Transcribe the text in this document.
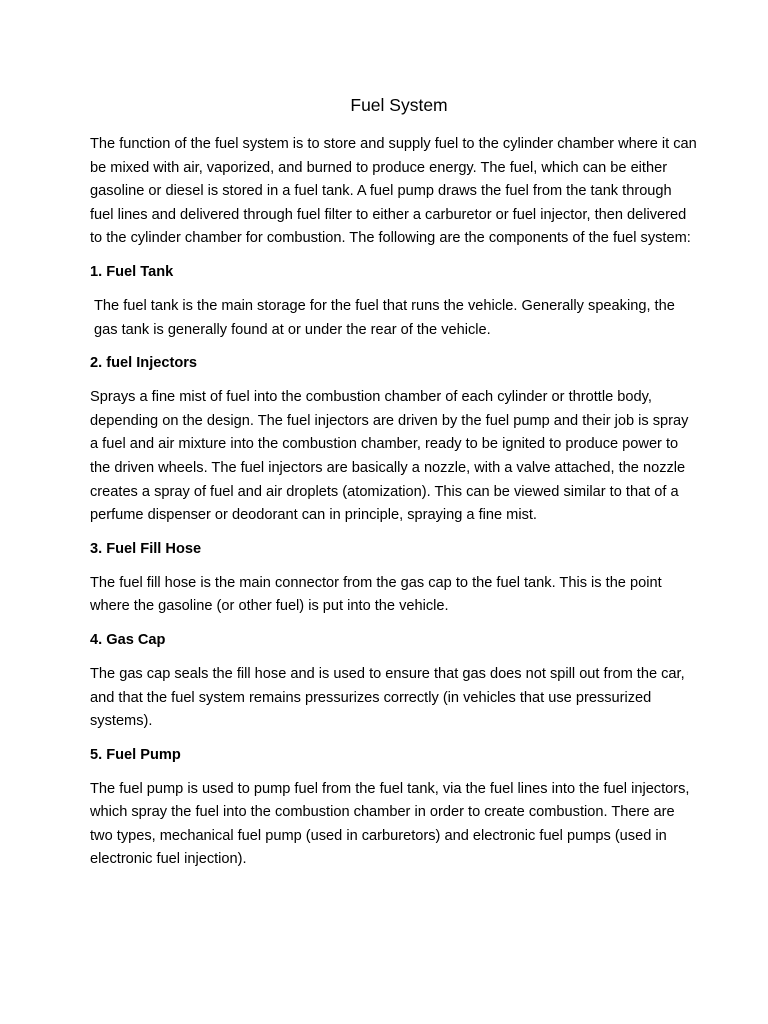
Fuel System

The function of the fuel system is to store and supply fuel to the cylinder chamber where it can be mixed with air, vaporized, and burned to produce energy. The fuel, which can be either gasoline or diesel is stored in a fuel tank. A fuel pump draws the fuel from the tank through fuel lines and delivered through fuel filter to either a carburetor or fuel injector, then delivered to the cylinder chamber for combustion. The following are the components of the fuel system:

1. Fuel Tank

The fuel tank is the main storage for the fuel that runs the vehicle. Generally speaking, the gas tank is generally found at or under the rear of the vehicle.

2. fuel Injectors

Sprays a fine mist of fuel into the combustion chamber of each cylinder or throttle body, depending on the design. The fuel injectors are driven by the fuel pump and their job is spray a fuel and air mixture into the combustion chamber, ready to be ignited to produce power to the driven wheels. The fuel injectors are basically a nozzle, with a valve attached, the nozzle creates a spray of fuel and air droplets (atomization). This can be viewed similar to that of a perfume dispenser or deodorant can in principle, spraying a fine mist.

3. Fuel Fill Hose

The fuel fill hose is the main connector from the gas cap to the fuel tank. This is the point where the gasoline (or other fuel) is put into the vehicle.

4. Gas Cap

The gas cap seals the fill hose and is used to ensure that gas does not spill out from the car, and that the fuel system remains pressurizes correctly (in vehicles that use pressurized systems).

5. Fuel Pump

The fuel pump is used to pump fuel from the fuel tank, via the fuel lines into the fuel injectors, which spray the fuel into the combustion chamber in order to create combustion. There are two types, mechanical fuel pump (used in carburetors) and electronic fuel pumps (used in electronic fuel injection).
